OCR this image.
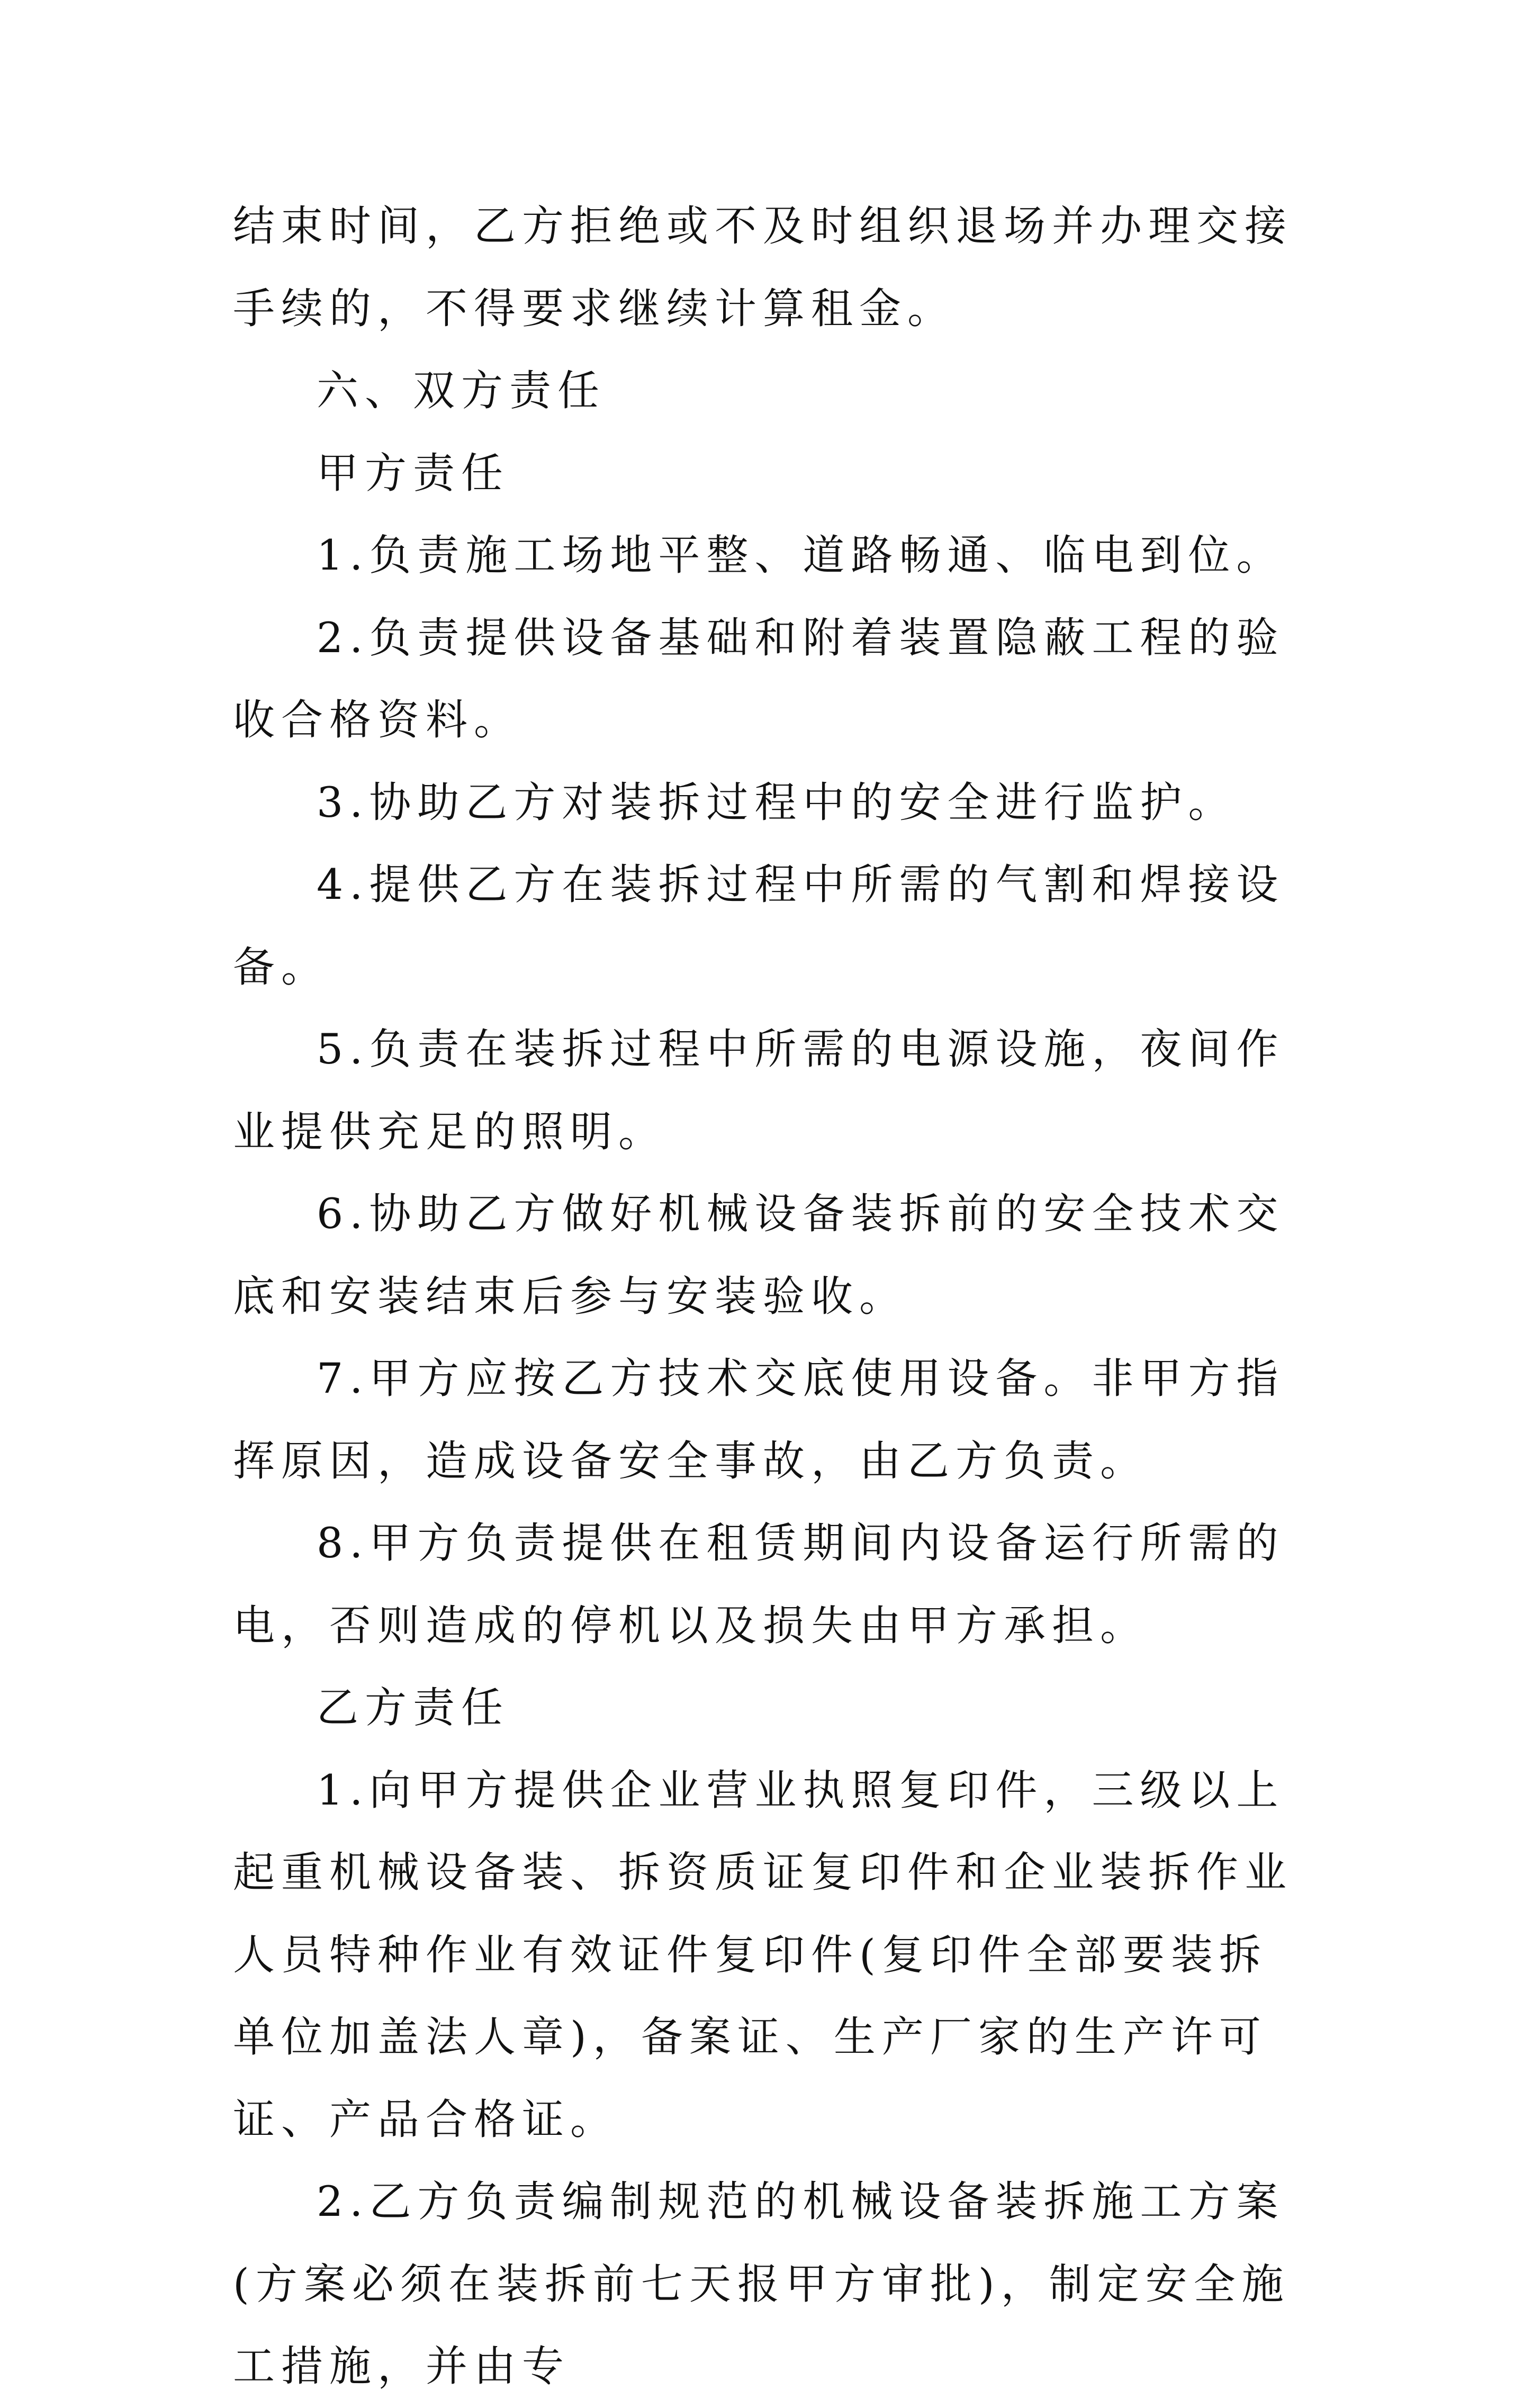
结束时间，乙方拒绝或不及时组织退场并办理交接手续的，不得要求继续计算租金。

六、双方责任

甲方责任

1.负责施工场地平整、道路畅通、临电到位。

2.负责提供设备基础和附着装置隐蔽工程的验收合格资料。

3.协助乙方对装拆过程中的安全进行监护。

4.提供乙方在装拆过程中所需的气割和焊接设备。

5.负责在装拆过程中所需的电源设施，夜间作业提供充足的照明。

6.协助乙方做好机械设备装拆前的安全技术交底和安装结束后参与安装验收。

7.甲方应按乙方技术交底使用设备。非甲方指挥原因，造成设备安全事故，由乙方负责。

8.甲方负责提供在租赁期间内设备运行所需的电，否则造成的停机以及损失由甲方承担。

乙方责任

1.向甲方提供企业营业执照复印件，三级以上起重机械设备装、拆资质证复印件和企业装拆作业人员特种作业有效证件复印件(复印件全部要装拆单位加盖法人章)，备案证、生产厂家的生产许可证、产品合格证。

2.乙方负责编制规范的机械设备装拆施工方案(方案必须在装拆前七天报甲方审批)，制定安全施工措施，并由专
